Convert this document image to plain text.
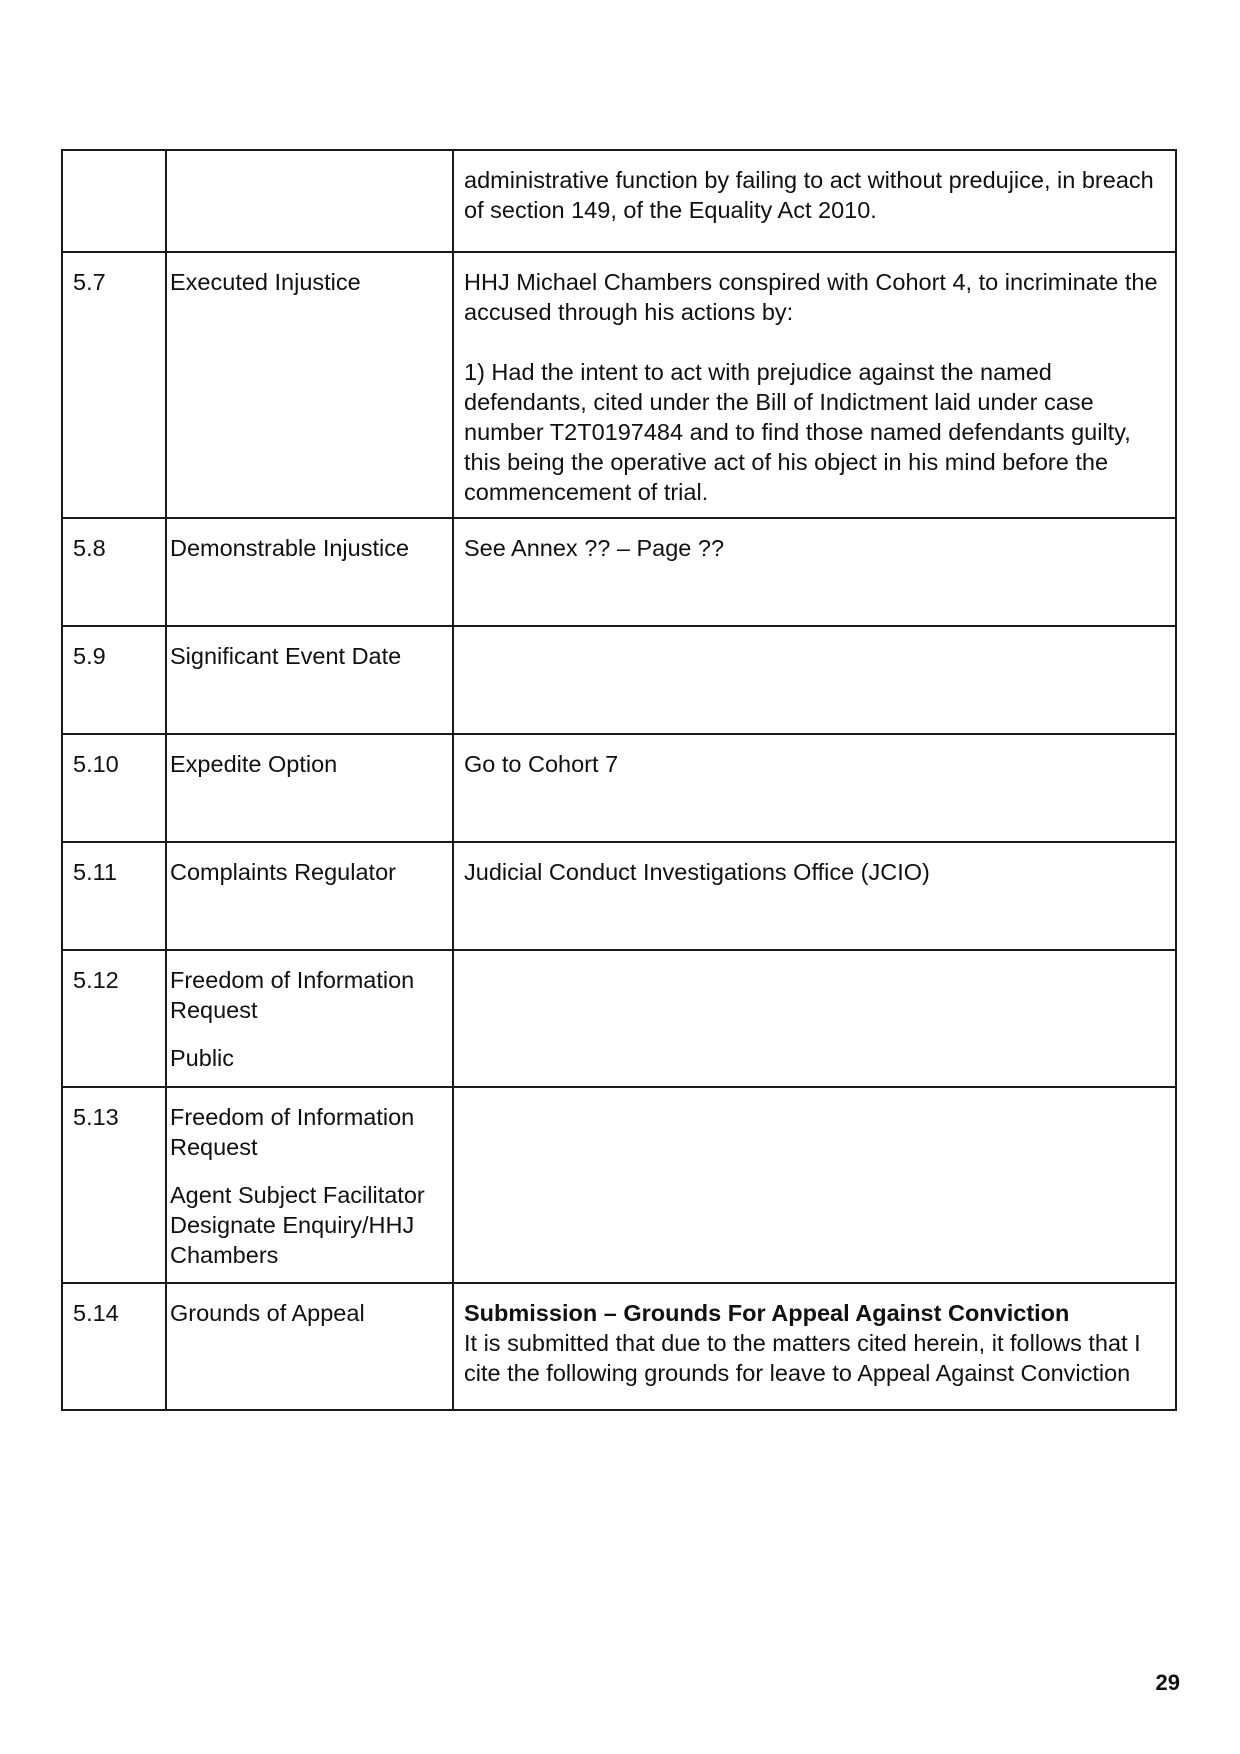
		administrative function by failing to act without predujice, in breach of section 149, of the Equality Act 2010.

5.7	Executed Injustice	HHJ Michael Chambers conspired with Cohort 4, to incriminate the accused through his actions by:

1) Had the intent to act with prejudice against the named defendants, cited under the Bill of Indictment laid under case number T2T0197484 and to find those named defendants guilty, this being the operative act of his object in his mind before the commencement of trial.

5.8	Demonstrable Injustice	See Annex ?? – Page ??

5.9	Significant Event Date	

5.10	Expedite Option	Go to Cohort 7

5.11	Complaints Regulator	Judicial Conduct Investigations Office (JCIO)

5.12	Freedom of Information Request
Public	

5.13	Freedom of Information Request
Agent Subject Facilitator Designate Enquiry/HHJ Chambers	

5.14	Grounds of Appeal	Submission – Grounds For Appeal Against Conviction

It is submitted that due to the matters cited herein, it follows that I cite the following grounds for leave to Appeal Against Conviction

29
